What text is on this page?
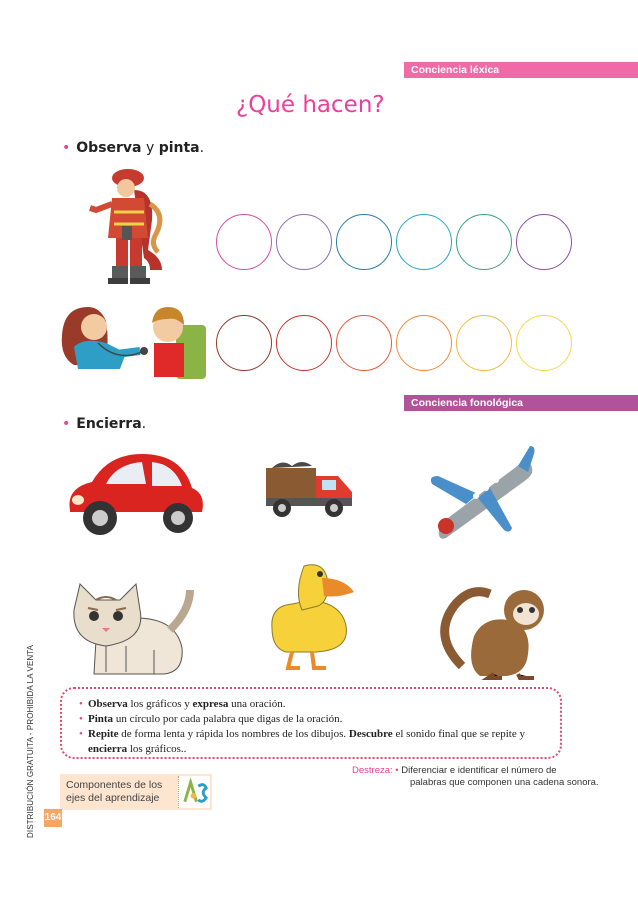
Conciencia léxica
Conciencia fonológica
¿Qué hacen?
• Observa y pinta.
• Encierra.
• Observa los gráficos y expresa una oración.
• Pinta un círculo por cada palabra que digas de la oración.
• Repite de forma lenta y rápida los nombres de los dibujos. Descubre el sonido final que se repite y encierra los gráficos..
Destreza: • Diferenciar e identificar el número de
palabras que componen una cadena sonora.
Componentes de los
ejes del aprendizaje
164
DISTRIBUCIÓN GRATUITA - PROHIBIDA LA VENTA
